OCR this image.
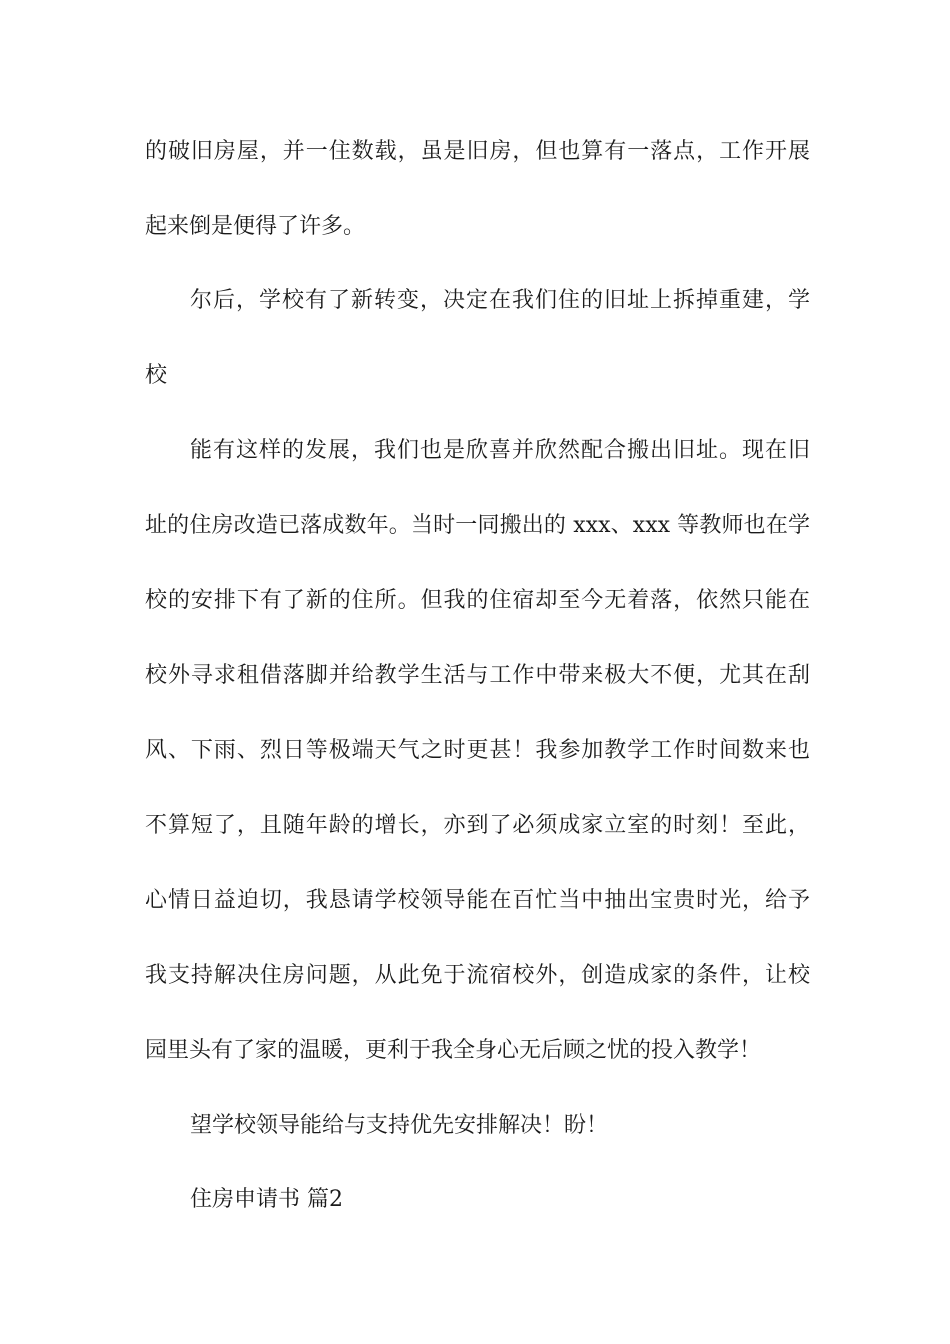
的破旧房屋，并一住数载，虽是旧房，但也算有一落点，工作开展
起来倒是便得了许多。
尔后，学校有了新转变，决定在我们住的旧址上拆掉重建，学
校
能有这样的发展，我们也是欣喜并欣然配合搬出旧址。现在旧
址的住房改造已落成数年。当时一同搬出的 xxx、xxx 等教师也在学
校的安排下有了新的住所。但我的住宿却至今无着落，依然只能在
校外寻求租借落脚并给教学生活与工作中带来极大不便，尤其在刮
风、下雨、烈日等极端天气之时更甚！我参加教学工作时间数来也
不算短了，且随年龄的增长，亦到了必须成家立室的时刻！至此，
心情日益迫切，我恳请学校领导能在百忙当中抽出宝贵时光，给予
我支持解决住房问题，从此免于流宿校外，创造成家的条件，让校
园里头有了家的温暖，更利于我全身心无后顾之忧的投入教学！
望学校领导能给与支持优先安排解决！盼！
住房申请书 篇2
